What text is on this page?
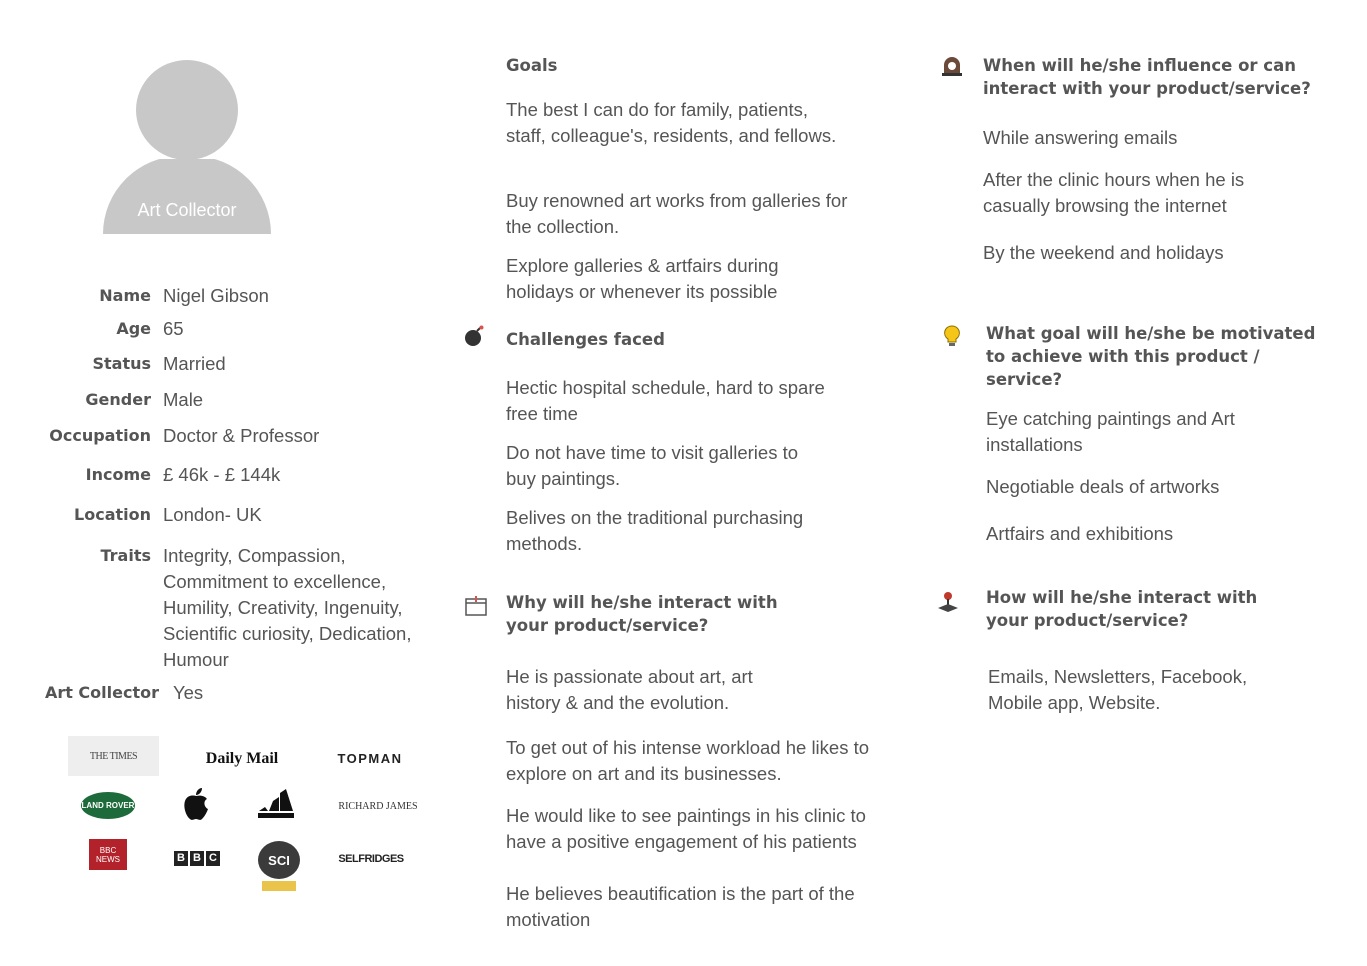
Art Collector
Name Nigel Gibson
Age 65
Status Married
Gender Male
Occupation Doctor & Professor
Income £ 46k - £ 144k
Location London- UK
Traits Integrity, Compassion, Commitment to excellence, Humility, Creativity, Ingenuity, Scientific curiosity, Dedication, Humour
Art Collector Yes
THE TIMES	Daily Mail	TOPMAN
LAND ROVER	RICHARD JAMES
BBC
NEWS	B B C	SCI	SELFRIDGES
Goals
The best I can do for family, patients, staff, colleague's, residents, and fellows.
Buy renowned art works from galleries for the collection.
Explore galleries & artfairs during holidays or whenever its possible
Challenges faced
Hectic hospital schedule, hard to spare free time
Do not have time to visit galleries to buy paintings.
Belives on the traditional purchasing methods.
Why will he/she interact with
your product/service?
He is passionate about art, art history & and the evolution.
To get out of his intense workload he likes to explore on art and its businesses.
He would like to see paintings in his clinic to have a positive engagement of his patients
He believes beautification is the part of the motivation
When will he/she influence or can
interact with your product/service?
While answering emails
After the clinic hours when he is casually browsing the internet
By the weekend and holidays
What goal will he/she be motivated
to achieve with this product /
service?
Eye catching paintings and Art installations
Negotiable deals of artworks
Artfairs and exhibitions
How will he/she interact with
your product/service?
Emails, Newsletters, Facebook, Mobile app, Website.
